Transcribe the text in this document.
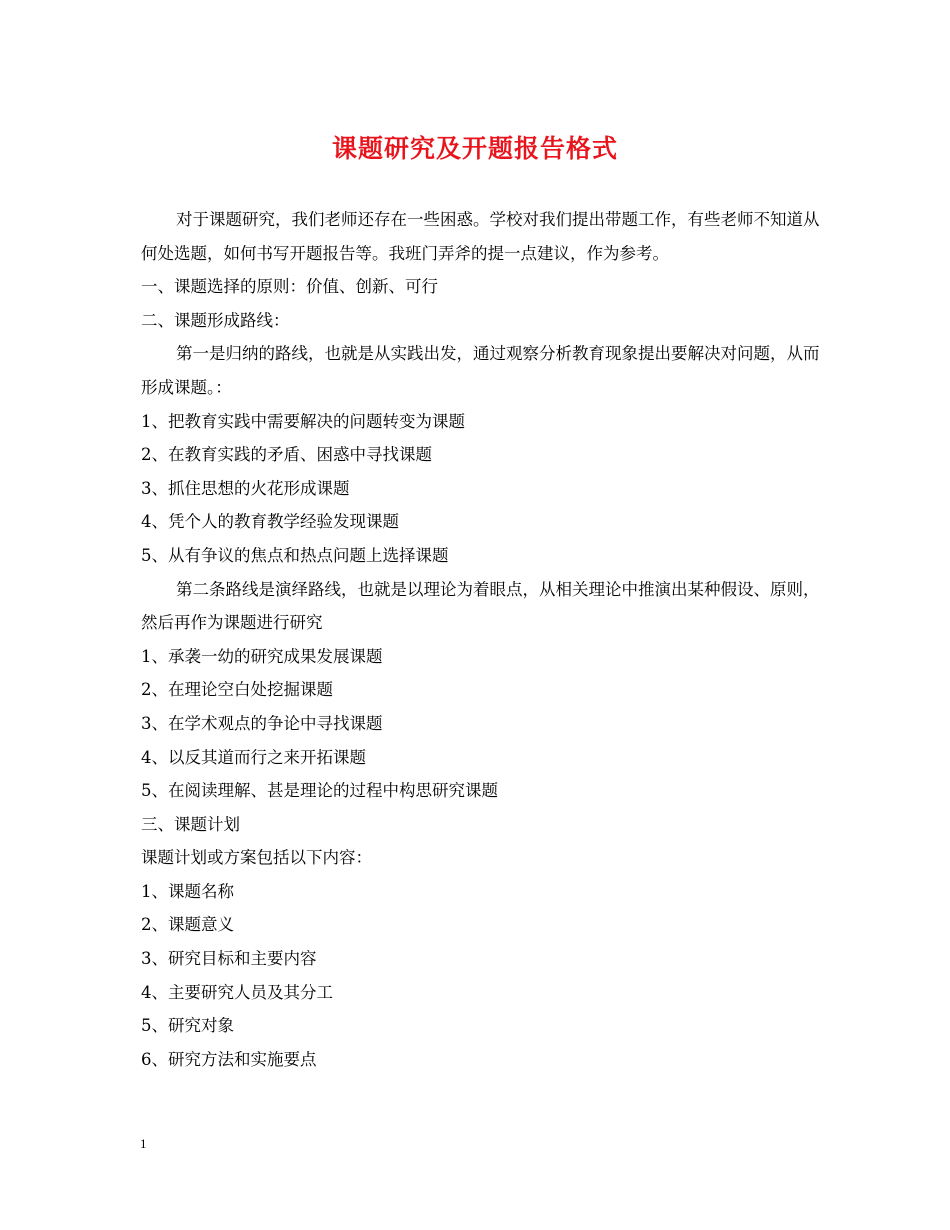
课题研究及开题报告格式

对于课题研究，我们老师还存在一些困惑。学校对我们提出带题工作，有些老师不知道从何处选题，如何书写开题报告等。我班门弄斧的提一点建议，作为参考。

一、课题选择的原则：价值、创新、可行

二、课题形成路线：

第一是归纳的路线，也就是从实践出发，通过观察分析教育现象提出要解决对问题，从而形成课题。：

1、把教育实践中需要解决的问题转变为课题

2、在教育实践的矛盾、困惑中寻找课题

3、抓住思想的火花形成课题

4、凭个人的教育教学经验发现课题

5、从有争议的焦点和热点问题上选择课题

第二条路线是演绎路线，也就是以理论为着眼点，从相关理论中推演出某种假设、原则，然后再作为课题进行研究

1、承袭一幼的研究成果发展课题

2、在理论空白处挖掘课题

3、在学术观点的争论中寻找课题

4、以反其道而行之来开拓课题

5、在阅读理解、甚是理论的过程中构思研究课题

三、课题计划

课题计划或方案包括以下内容：

1、课题名称

2、课题意义

3、研究目标和主要内容

4、主要研究人员及其分工

5、研究对象

6、研究方法和实施要点

1
